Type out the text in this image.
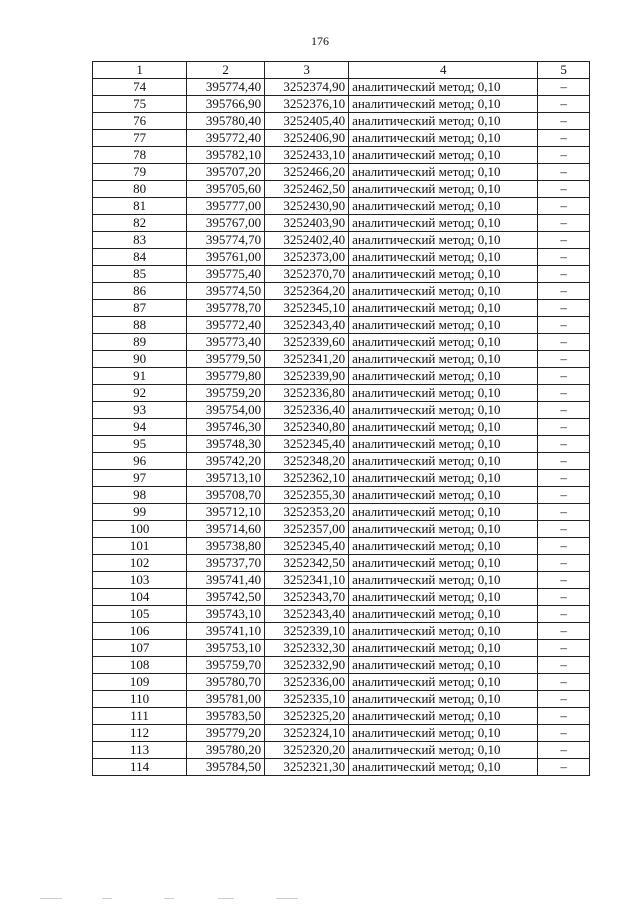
176
1	2	3	4	5
74	395774,40	3252374,90	аналитический метод; 0,10	–
75	395766,90	3252376,10	аналитический метод; 0,10	–
76	395780,40	3252405,40	аналитический метод; 0,10	–
77	395772,40	3252406,90	аналитический метод; 0,10	–
78	395782,10	3252433,10	аналитический метод; 0,10	–
79	395707,20	3252466,20	аналитический метод; 0,10	–
80	395705,60	3252462,50	аналитический метод; 0,10	–
81	395777,00	3252430,90	аналитический метод; 0,10	–
82	395767,00	3252403,90	аналитический метод; 0,10	–
83	395774,70	3252402,40	аналитический метод; 0,10	–
84	395761,00	3252373,00	аналитический метод; 0,10	–
85	395775,40	3252370,70	аналитический метод; 0,10	–
86	395774,50	3252364,20	аналитический метод; 0,10	–
87	395778,70	3252345,10	аналитический метод; 0,10	–
88	395772,40	3252343,40	аналитический метод; 0,10	–
89	395773,40	3252339,60	аналитический метод; 0,10	–
90	395779,50	3252341,20	аналитический метод; 0,10	–
91	395779,80	3252339,90	аналитический метод; 0,10	–
92	395759,20	3252336,80	аналитический метод; 0,10	–
93	395754,00	3252336,40	аналитический метод; 0,10	–
94	395746,30	3252340,80	аналитический метод; 0,10	–
95	395748,30	3252345,40	аналитический метод; 0,10	–
96	395742,20	3252348,20	аналитический метод; 0,10	–
97	395713,10	3252362,10	аналитический метод; 0,10	–
98	395708,70	3252355,30	аналитический метод; 0,10	–
99	395712,10	3252353,20	аналитический метод; 0,10	–
100	395714,60	3252357,00	аналитический метод; 0,10	–
101	395738,80	3252345,40	аналитический метод; 0,10	–
102	395737,70	3252342,50	аналитический метод; 0,10	–
103	395741,40	3252341,10	аналитический метод; 0,10	–
104	395742,50	3252343,70	аналитический метод; 0,10	–
105	395743,10	3252343,40	аналитический метод; 0,10	–
106	395741,10	3252339,10	аналитический метод; 0,10	–
107	395753,10	3252332,30	аналитический метод; 0,10	–
108	395759,70	3252332,90	аналитический метод; 0,10	–
109	395780,70	3252336,00	аналитический метод; 0,10	–
110	395781,00	3252335,10	аналитический метод; 0,10	–
111	395783,50	3252325,20	аналитический метод; 0,10	–
112	395779,20	3252324,10	аналитический метод; 0,10	–
113	395780,20	3252320,20	аналитический метод; 0,10	–
114	395784,50	3252321,30	аналитический метод; 0,10	–
